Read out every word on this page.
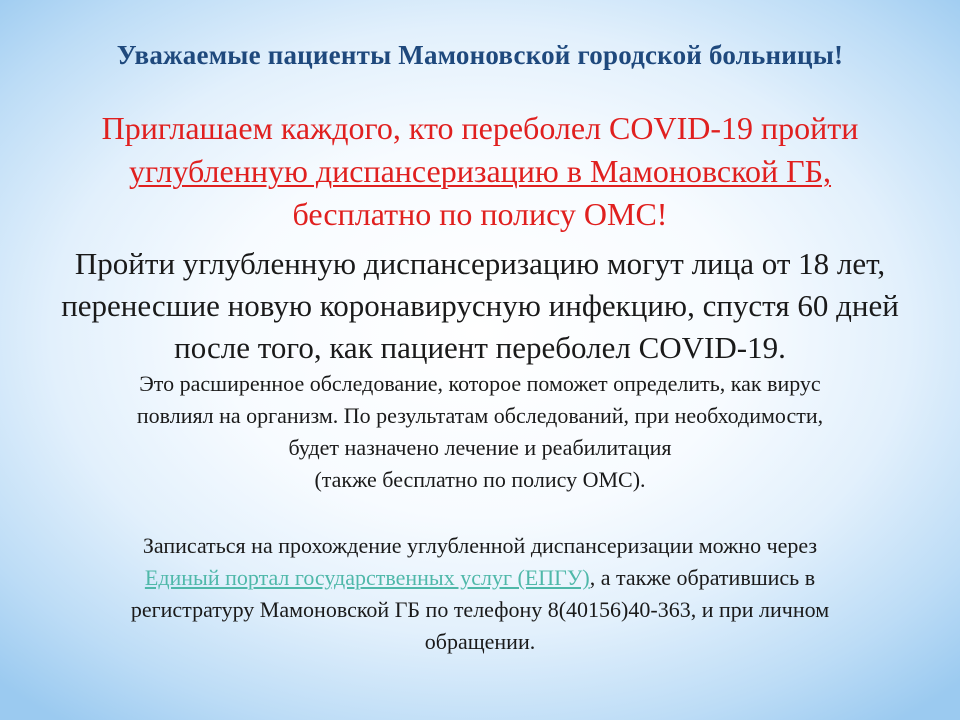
Уважаемые пациенты Мамоновской городской больницы!
Приглашаем каждого, кто переболел COVID-19 пройти
углубленную диспансеризацию в Мамоновской ГБ,
бесплатно по полису ОМС!
Пройти углубленную диспансеризацию могут лица от 18 лет,
перенесшие новую коронавирусную инфекцию, спустя 60 дней
после того, как пациент переболел COVID-19.
Это расширенное обследование, которое поможет определить, как вирус
повлиял на организм. По результатам обследований, при необходимости,
будет назначено лечение и реабилитация
(также бесплатно по полису ОМС).
Записаться на прохождение углубленной диспансеризации можно через
Единый портал государственных услуг (ЕПГУ), а также обратившись в
регистратуру Мамоновской ГБ по телефону 8(40156)40-363, и при личном
обращении.
